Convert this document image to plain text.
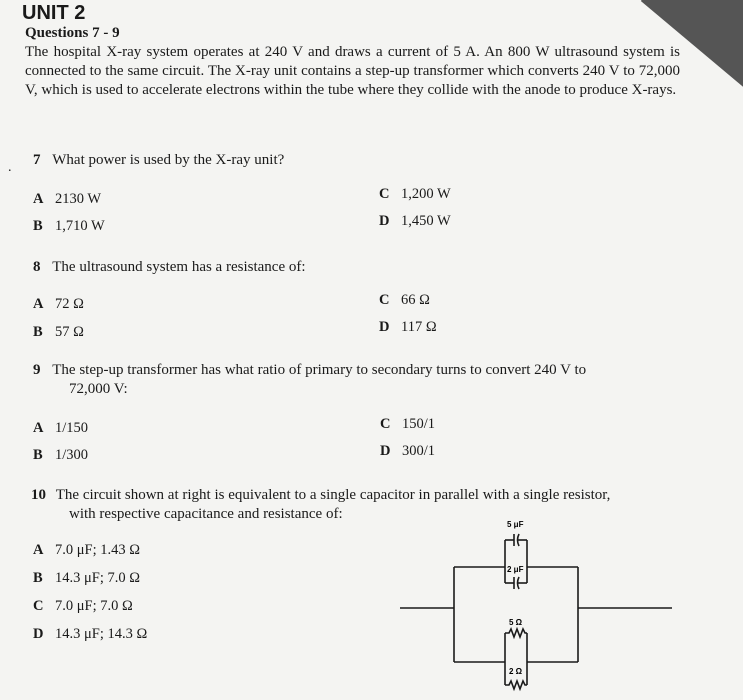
UNIT 2
Questions 7 - 9
The hospital X-ray system operates at 240 V and draws a current of 5 A. An 800 W ultrasound system is connected to the same circuit. The X-ray unit contains a step-up transformer which converts 240 V to 72,000 V, which is used to accelerate electrons within the tube where they collide with the anode to produce X-rays.
. 7 What power is used by the X-ray unit?
A 2130 W
B 1,710 W
C 1,200 W
D 1,450 W
8 The ultrasound system has a resistance of:
A 72 Ω
B 57 Ω
C 66 Ω
D 117 Ω
9 The step-up transformer has what ratio of primary to secondary turns to convert 240 V to
72,000 V:
A 1/150
B 1/300
C 150/1
D 300/1
10 The circuit shown at right is equivalent to a single capacitor in parallel with a single resistor,
with respective capacitance and resistance of:
A 7.0 μF; 1.43 Ω
B 14.3 μF; 7.0 Ω
C 7.0 μF; 7.0 Ω
D 14.3 μF; 14.3 Ω
5 μF
2 μF
5 Ω
2 Ω
